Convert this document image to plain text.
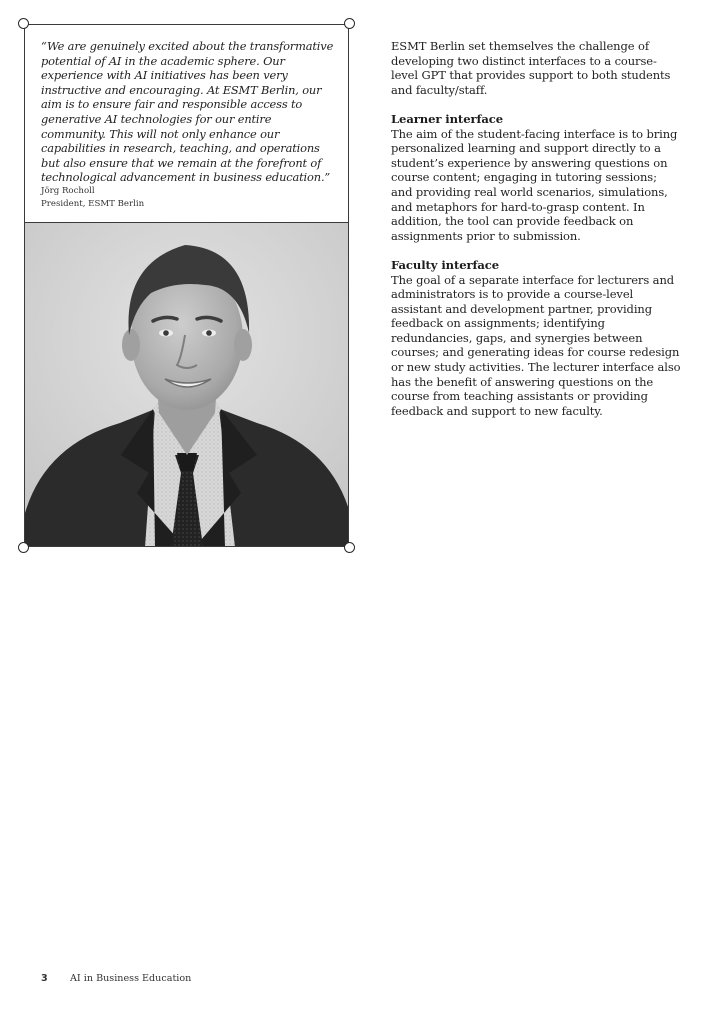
“We are genuinely excited about the transformative potential of AI in the academic sphere. Our experience with AI initiatives has been very instructive and encouraging. At ESMT Berlin, our aim is to ensure fair and responsible access to generative AI technologies for our entire community. This will not only enhance our capabilities in research, teaching, and operations but also ensure that we remain at the forefront of technological advancement in business education.”

Jörg Rocholl
President, ESMT Berlin

ESMT Berlin set themselves the challenge of developing two distinct interfaces to a course-level GPT that provides support to both students and faculty/staff.

Learner interface

The aim of the student-facing interface is to bring personalized learning and support directly to a student’s experience by answering questions on course content; engaging in tutoring sessions; and providing real world scenarios, simulations, and metaphors for hard-to-grasp content. In addition, the tool can provide feedback on assignments prior to submission.

Faculty interface

The goal of a separate interface for lecturers and administrators is to provide a course-level assistant and development partner, providing feedback on assignments; identifying redundancies, gaps, and synergies between courses; and generating ideas for course redesign or new study activities. The lecturer interface also has the benefit of answering questions on the course from teaching assistants or providing feedback and support to new faculty.

3 AI in Business Education
